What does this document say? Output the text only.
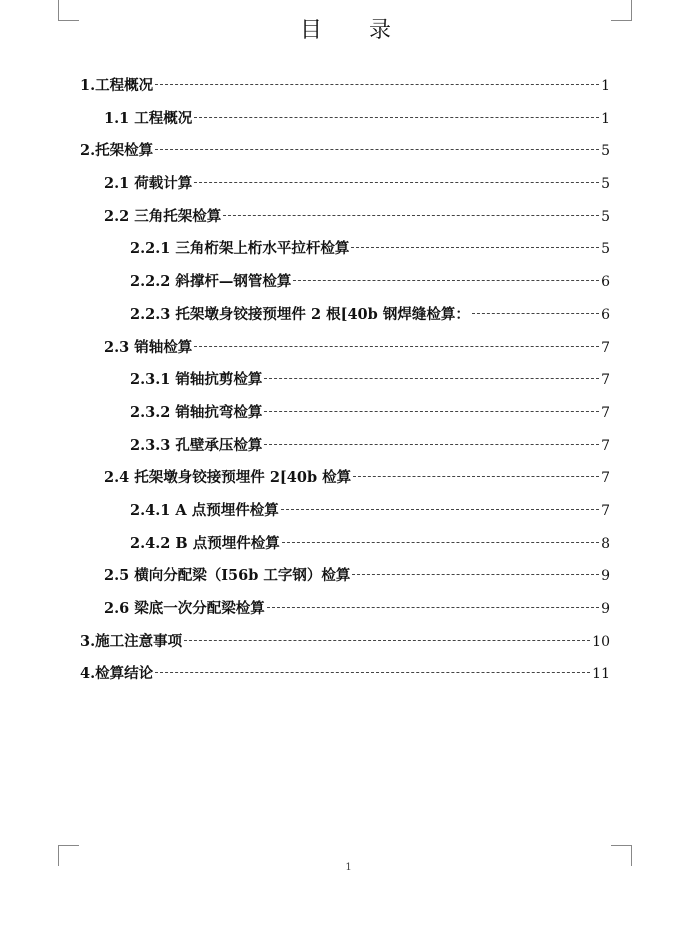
目 录
1.工程概况	1
1.1 工程概况	1
2.托架检算	5
2.1 荷载计算	5
2.2 三角托架检算	5
2.2.1 三角桁架上桁水平拉杆检算	5
2.2.2 斜撑杆—钢管检算	6
2.2.3 托架墩身铰接预埋件 2 根[40b 钢焊缝检算：	6
2.3 销轴检算	7
2.3.1 销轴抗剪检算	7
2.3.2 销轴抗弯检算	7
2.3.3 孔壁承压检算	7
2.4 托架墩身铰接预埋件 2[40b 检算	7
2.4.1 A 点预埋件检算	7
2.4.2 B 点预埋件检算	8
2.5 横向分配梁（I56b 工字钢）检算	9
2.6 梁底一次分配梁检算	9
3.施工注意事项	10
4.检算结论	11
1
